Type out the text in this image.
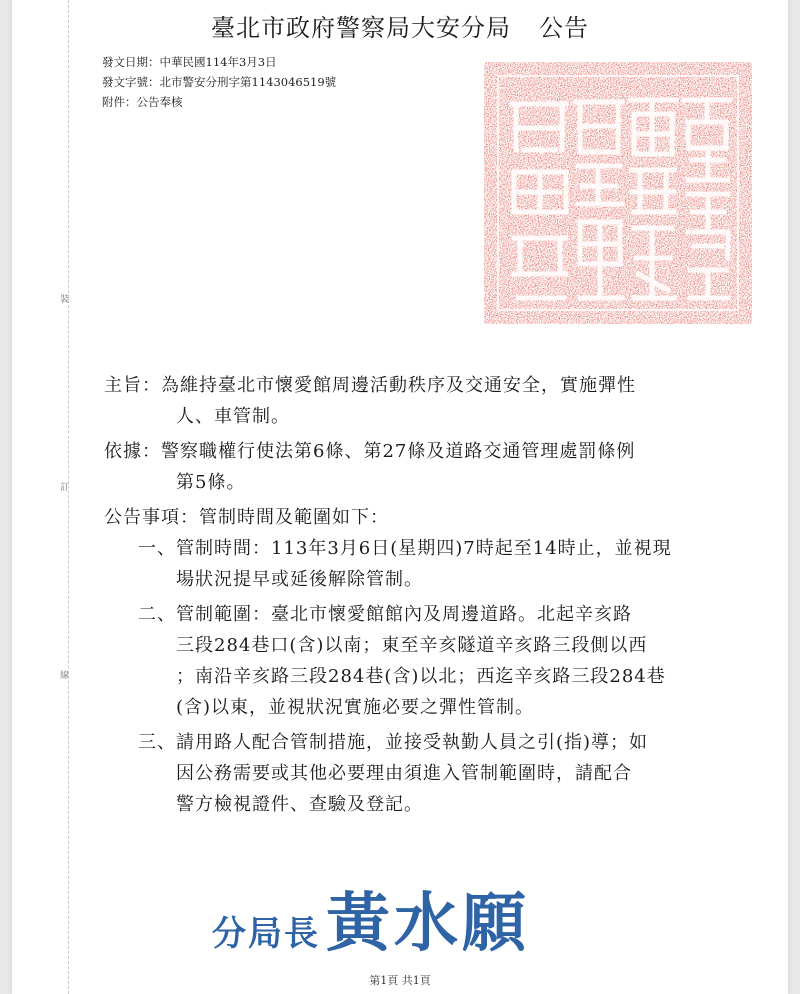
裝
訂
線
臺北市政府警察局大安分局 公告
發文日期：中華民國114年3月3日
發文字號：北市警安分刑字第1143046519號
附件：公告奉核
主旨：為維持臺北市懷愛館周邊活動秩序及交通安全，實施彈性
人、車管制。
依據：警察職權行使法第6條、第27條及道路交通管理處罰條例
第5條。
公告事項：管制時間及範圍如下：
一、管制時間：113年3月6日(星期四)7時起至14時止，並視現
場狀況提早或延後解除管制。
二、管制範圍：臺北市懷愛館館內及周邊道路。北起辛亥路
三段284巷口(含)以南；東至辛亥隧道辛亥路三段側以西
；南沿辛亥路三段284巷(含)以北；西迄辛亥路三段284巷
(含)以東，並視狀況實施必要之彈性管制。
三、請用路人配合管制措施，並接受執勤人員之引(指)導；如
因公務需要或其他必要理由須進入管制範圍時，請配合
警方檢視證件、查驗及登記。
分局長黃水願
第1頁 共1頁
